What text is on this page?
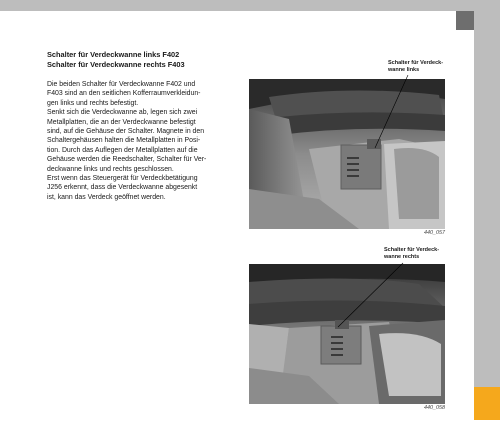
Schalter für Verdeckwanne links F402
Schalter für Verdeckwanne rechts F403
Die beiden Schalter für Verdeckwanne F402 und
F403 sind an den seitlichen Kofferraumverkleidun-
gen links und rechts befestigt.
Senkt sich die Verdeckwanne ab, legen sich zwei
Metallplatten, die an der Verdeckwanne befestigt
sind, auf die Gehäuse der Schalter. Magnete in den
Schaltergehäusen halten die Metallplatten in Posi-
tion. Durch das Auflegen der Metallplatten auf die
Gehäuse werden die Reedschalter, Schalter für Ver-
deckwanne links und rechts geschlossen.
Erst wenn das Steuergerät für Verdeckbetätigung
J256 erkennt, dass die Verdeckwanne abgesenkt
ist, kann das Verdeck geöffnet werden.
Schalter für Verdeck-
wanne links
Schalter für Verdeck-
wanne rechts
440_057
440_058
